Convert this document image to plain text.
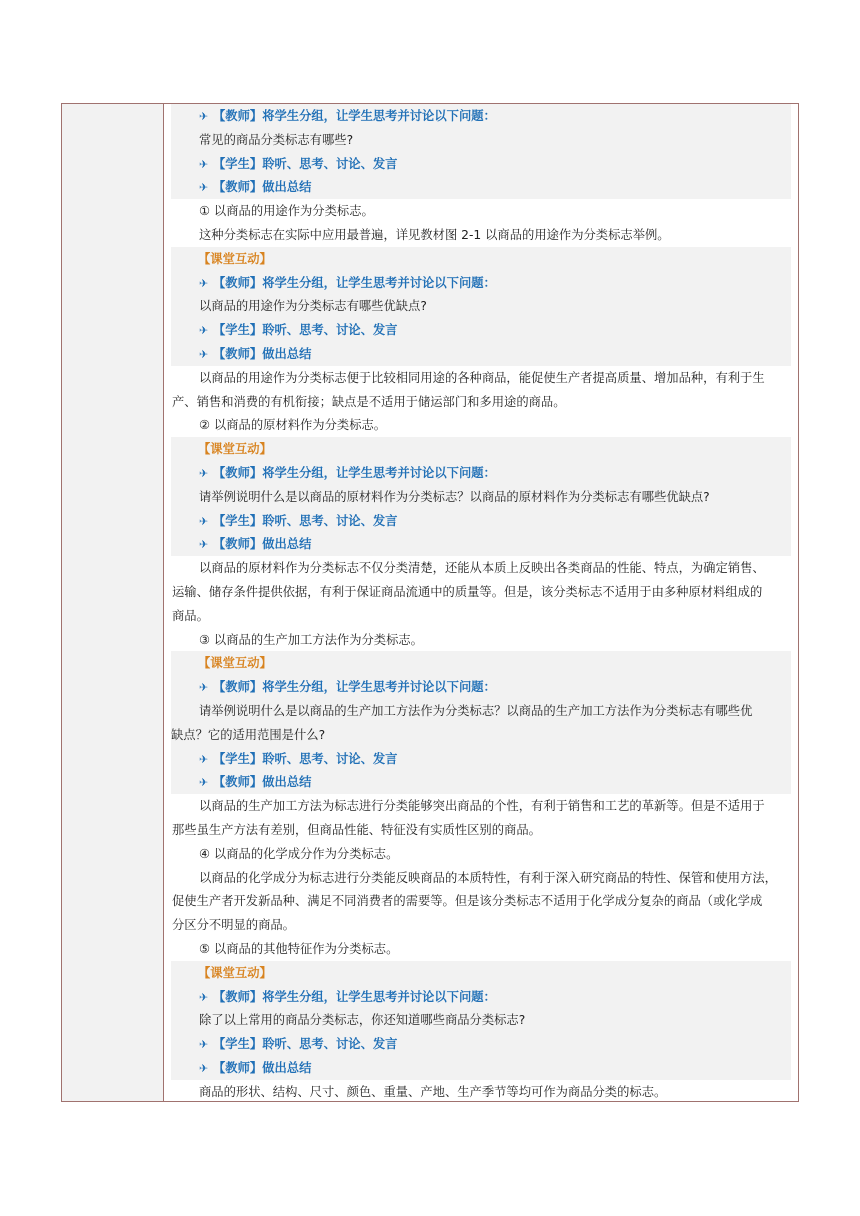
✈ 【教师】将学生分组，让学生思考并讨论以下问题：
常见的商品分类标志有哪些?
✈ 【学生】聆听、思考、讨论、发言
✈ 【教师】做出总结
① 以商品的用途作为分类标志。
这种分类标志在实际中应用最普遍，详见教材图 2-1 以商品的用途作为分类标志举例。
【课堂互动】
✈ 【教师】将学生分组，让学生思考并讨论以下问题：
以商品的用途作为分类标志有哪些优缺点?
✈ 【学生】聆听、思考、讨论、发言
✈ 【教师】做出总结
以商品的用途作为分类标志便于比较相同用途的各种商品，能促使生产者提高质量、增加品种，有利于生
产、销售和消费的有机衔接；缺点是不适用于储运部门和多用途的商品。
② 以商品的原材料作为分类标志。
【课堂互动】
✈ 【教师】将学生分组，让学生思考并讨论以下问题：
请举例说明什么是以商品的原材料作为分类标志？以商品的原材料作为分类标志有哪些优缺点?
✈ 【学生】聆听、思考、讨论、发言
✈ 【教师】做出总结
以商品的原材料作为分类标志不仅分类清楚，还能从本质上反映出各类商品的性能、特点，为确定销售、
运输、储存条件提供依据，有利于保证商品流通中的质量等。但是，该分类标志不适用于由多种原材料组成的
商品。
③ 以商品的生产加工方法作为分类标志。
【课堂互动】
✈ 【教师】将学生分组，让学生思考并讨论以下问题：
请举例说明什么是以商品的生产加工方法作为分类标志？以商品的生产加工方法作为分类标志有哪些优
缺点？它的适用范围是什么?
✈ 【学生】聆听、思考、讨论、发言
✈ 【教师】做出总结
以商品的生产加工方法为标志进行分类能够突出商品的个性，有利于销售和工艺的革新等。但是不适用于
那些虽生产方法有差别，但商品性能、特征没有实质性区别的商品。
④ 以商品的化学成分作为分类标志。
以商品的化学成分为标志进行分类能反映商品的本质特性，有利于深入研究商品的特性、保管和使用方法，
促使生产者开发新品种、满足不同消费者的需要等。但是该分类标志不适用于化学成分复杂的商品（或化学成
分区分不明显的商品。
⑤ 以商品的其他特征作为分类标志。
【课堂互动】
✈ 【教师】将学生分组，让学生思考并讨论以下问题：
除了以上常用的商品分类标志，你还知道哪些商品分类标志?
✈ 【学生】聆听、思考、讨论、发言
✈ 【教师】做出总结
商品的形状、结构、尺寸、颜色、重量、产地、生产季节等均可作为商品分类的标志。
